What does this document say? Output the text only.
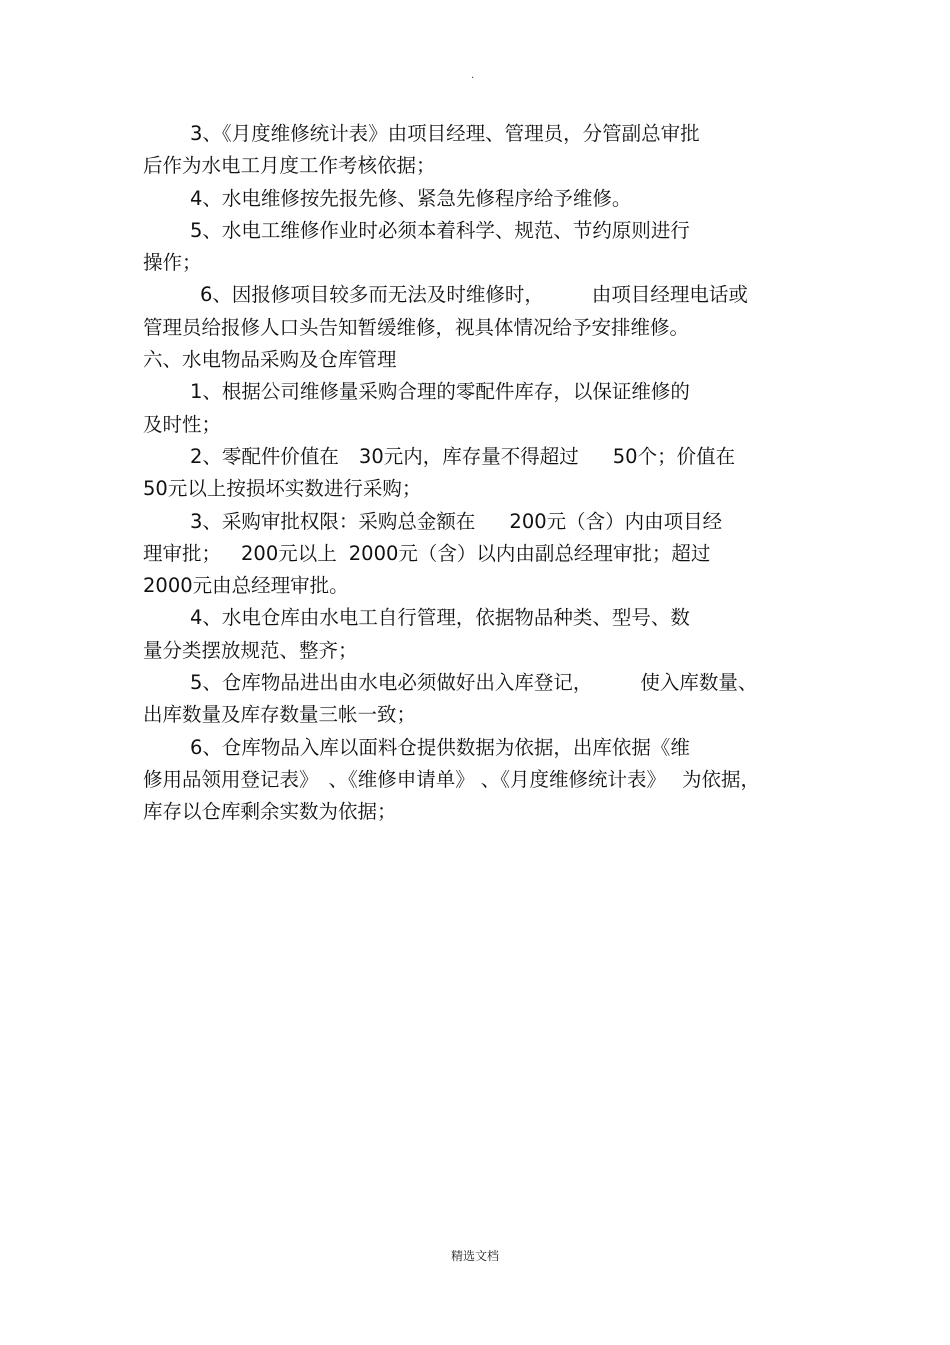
.

3、《月度维修统计表》由项目经理、管理员，分管副总审批
后作为水电工月度工作考核依据；

4、水电维修按先报先修、紧急先修程序给予维修。

5、水电工维修作业时必须本着科学、规范、节约原则进行
操作；

6、因报修项目较多而无法及时维修时， 由项目经理电话或
管理员给报修人口头告知暂缓维修，视具体情况给予安排维修。

六、水电物品采购及仓库管理

1、根据公司维修量采购合理的零配件库存，以保证维修的
及时性；

2、零配件价值在 30元内，库存量不得超过 50个；价值在
50元以上按损坏实数进行采购；

3、采购审批权限：采购总金额在 200元（含）内由项目经
理审批； 200元以上 2000元（含）以内由副总经理审批；超过
2000元由总经理审批。

4、水电仓库由水电工自行管理，依据物品种类、型号、数
量分类摆放规范、整齐；

5、仓库物品进出由水电必须做好出入库登记， 使入库数量、
出库数量及库存数量三帐一致；

6、仓库物品入库以面料仓提供数据为依据，出库依据《维
修用品领用登记表》 、《维修申请单》 、《月度维修统计表》 为依据，
库存以仓库剩余实数为依据；

精选文档
